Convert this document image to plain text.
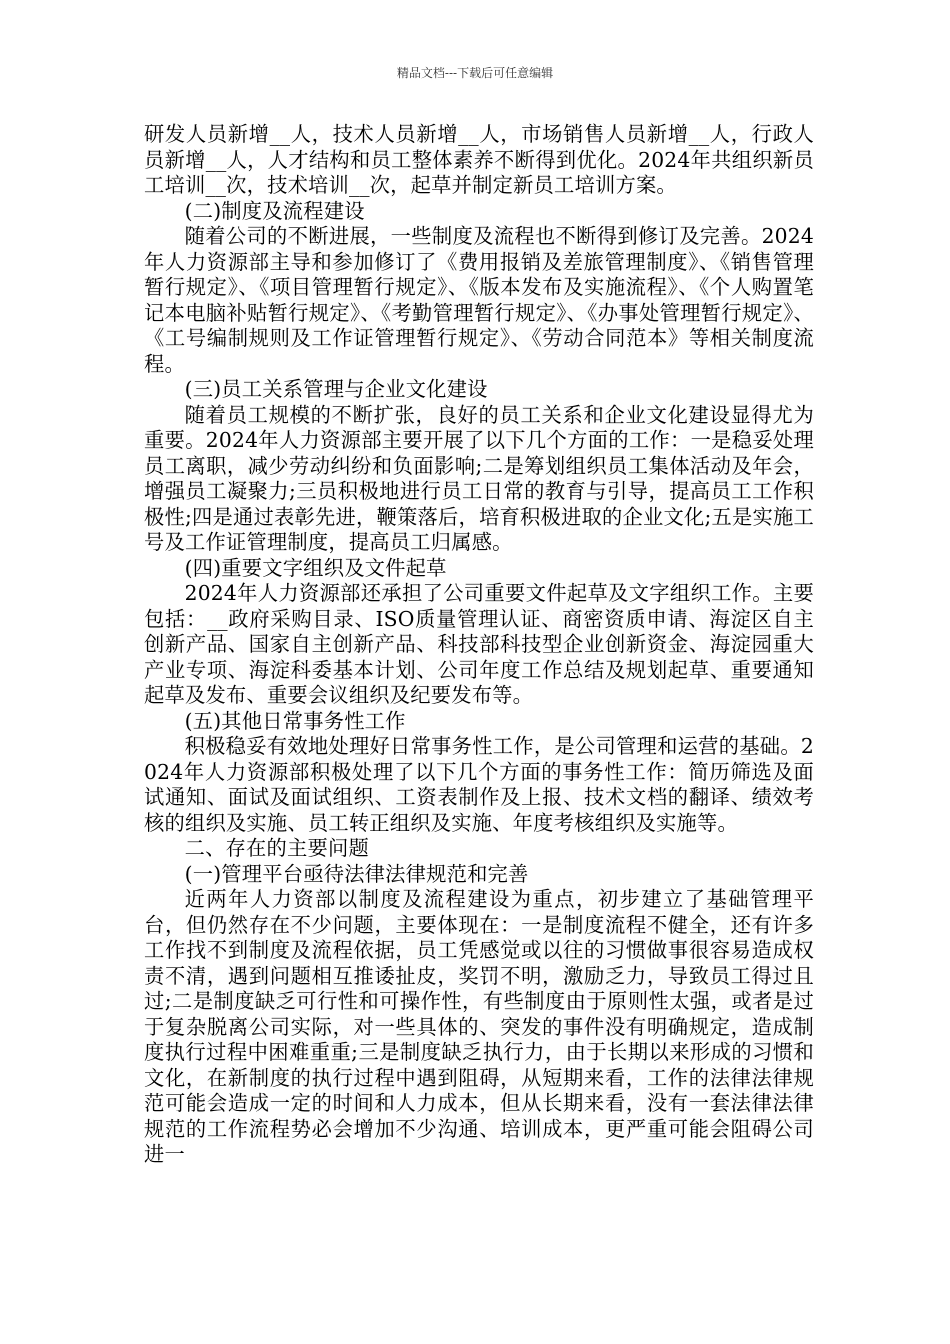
精品文档---下载后可任意编辑

研发人员新增__人，技术人员新增__人，市场销售人员新增__人，行政人员新增__人，人才结构和员工整体素养不断得到优化。2024年共组织新员工培训__次，技术培训__次，起草并制定新员工培训方案。

(二)制度及流程建设

随着公司的不断进展，一些制度及流程也不断得到修订及完善。2024年人力资源部主导和参加修订了《费用报销及差旅管理制度》、《销售管理暂行规定》、《项目管理暂行规定》、《版本发布及实施流程》、《个人购置笔记本电脑补贴暂行规定》、《考勤管理暂行规定》、《办事处管理暂行规定》、《工号编制规则及工作证管理暂行规定》、《劳动合同范本》等相关制度流程。

(三)员工关系管理与企业文化建设

随着员工规模的不断扩张，良好的员工关系和企业文化建设显得尤为重要。2024年人力资源部主要开展了以下几个方面的工作：一是稳妥处理员工离职，减少劳动纠纷和负面影响;二是筹划组织员工集体活动及年会，增强员工凝聚力;三员积极地进行员工日常的教育与引导，提高员工工作积极性;四是通过表彰先进，鞭策落后，培育积极进取的企业文化;五是实施工号及工作证管理制度，提高员工归属感。

(四)重要文字组织及文件起草

2024年人力资源部还承担了公司重要文件起草及文字组织工作。主要包括：__政府采购目录、ISO质量管理认证、商密资质申请、海淀区自主创新产品、国家自主创新产品、科技部科技型企业创新资金、海淀园重大产业专项、海淀科委基本计划、公司年度工作总结及规划起草、重要通知起草及发布、重要会议组织及纪要发布等。

(五)其他日常事务性工作

积极稳妥有效地处理好日常事务性工作，是公司管理和运营的基础。2024年人力资源部积极处理了以下几个方面的事务性工作：简历筛选及面试通知、面试及面试组织、工资表制作及上报、技术文档的翻译、绩效考核的组织及实施、员工转正组织及实施、年度考核组织及实施等。

二、存在的主要问题

(一)管理平台亟待法律法律规范和完善

近两年人力资部以制度及流程建设为重点，初步建立了基础管理平台，但仍然存在不少问题，主要体现在：一是制度流程不健全，还有许多工作找不到制度及流程依据，员工凭感觉或以往的习惯做事很容易造成权责不清，遇到问题相互推诿扯皮，奖罚不明，激励乏力，导致员工得过且过;二是制度缺乏可行性和可操作性，有些制度由于原则性太强，或者是过于复杂脱离公司实际，对一些具体的、突发的事件没有明确规定，造成制度执行过程中困难重重;三是制度缺乏执行力，由于长期以来形成的习惯和文化，在新制度的执行过程中遇到阻碍，从短期来看，工作的法律法律规范可能会造成一定的时间和人力成本，但从长期来看，没有一套法律法律规范的工作流程势必会增加不少沟通、培训成本，更严重可能会阻碍公司进一
